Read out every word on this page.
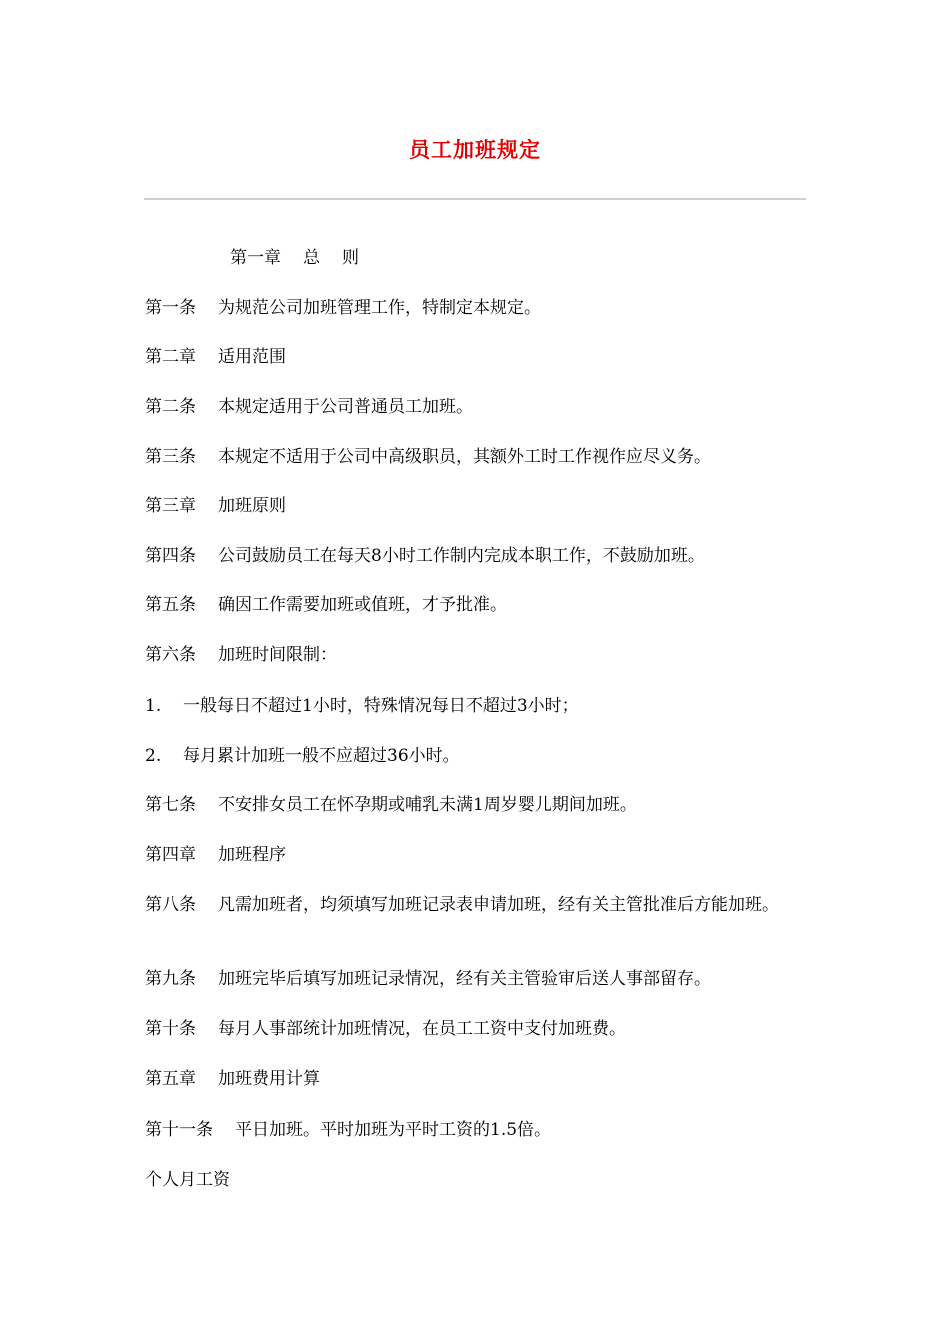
员工加班规定
第一章 总 则
第一条 为规范公司加班管理工作，特制定本规定。
第二章 适用范围
第二条 本规定适用于公司普通员工加班。
第三条 本规定不适用于公司中高级职员，其额外工时工作视作应尽义务。
第三章 加班原则
第四条 公司鼓励员工在每天8小时工作制内完成本职工作，不鼓励加班。
第五条 确因工作需要加班或值班，才予批准。
第六条 加班时间限制：
1. 一般每日不超过1小时，特殊情况每日不超过3小时；
2. 每月累计加班一般不应超过36小时。
第七条 不安排女员工在怀孕期或哺乳未满1周岁婴儿期间加班。
第四章 加班程序
第八条 凡需加班者，均须填写加班记录表申请加班，经有关主管批准后方能加班。
第九条 加班完毕后填写加班记录情况，经有关主管验审后送人事部留存。
第十条 每月人事部统计加班情况，在员工工资中支付加班费。
第五章 加班费用计算
第十一条 平日加班。平时加班为平时工资的1.5倍。
个人月工资
